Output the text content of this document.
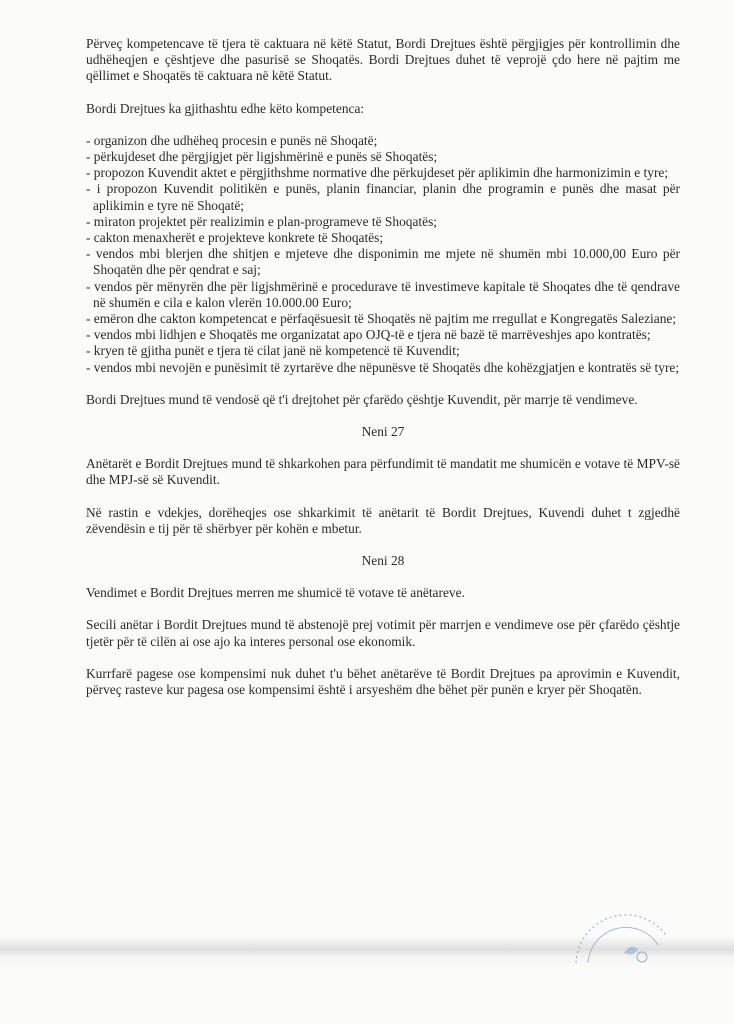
Përveç kompetencave të tjera të caktuara në këtë Statut, Bordi Drejtues është përgjigjes për kontrollimin dhe udhëheqjen e çështjeve dhe pasurisë se Shoqatës. Bordi Drejtues duhet të veprojë çdo here në pajtim me qëllimet e Shoqatës të caktuara në këtë Statut.

Bordi Drejtues ka gjithashtu edhe këto kompetenca:

- organizon dhe udhëheq procesin e punës në Shoqatë;

- përkujdeset dhe përgjigjet për ligjshmërinë e punës së Shoqatës;

- propozon Kuvendit aktet e përgjithshme normative dhe përkujdeset për aplikimin dhe harmonizimin e tyre;

- i propozon Kuvendit politikën e punës, planin financiar, planin dhe programin e punës dhe masat për aplikimin e tyre në Shoqatë;

- miraton projektet për realizimin e plan-programeve të Shoqatës;

- cakton menaxherët e projekteve konkrete të Shoqatës;

- vendos mbi blerjen dhe shitjen e mjeteve dhe disponimin me mjete në shumën mbi 10.000,00 Euro për Shoqatën dhe për qendrat e saj;

- vendos për mënyrën dhe për ligjshmërinë e procedurave të investimeve kapitale të Shoqates dhe të qendrave në shumën e cila e kalon vlerën 10.000.00 Euro;

- emëron dhe cakton kompetencat e përfaqësuesit të Shoqatës në pajtim me rregullat e Kongregatës Saleziane;

- vendos mbi lidhjen e Shoqatës me organizatat apo OJQ-të e tjera në bazë të marrëveshjes apo kontratës;

- kryen të gjitha punët e tjera të cilat janë në kompetencë të Kuvendit;

- vendos mbi nevojën e punësimit të zyrtarëve dhe nëpunësve të Shoqatës dhe kohëzgjatjen e kontratës së tyre;

Bordi Drejtues mund të vendosë që t'i drejtohet për çfarëdo çështje Kuvendit, për marrje të vendimeve.

Neni 27

Anëtarët e Bordit Drejtues mund të shkarkohen para përfundimit të mandatit me shumicën e votave të MPV-së dhe MPJ-së së Kuvendit.

Në rastin e vdekjes, dorëheqjes ose shkarkimit të anëtarit të Bordit Drejtues, Kuvendi duhet t zgjedhë zëvendësin e tij për të shërbyer për kohën e mbetur.

Neni 28

Vendimet e Bordit Drejtues merren me shumicë të votave të anëtareve.

Secili anëtar i Bordit Drejtues mund të abstenojë prej votimit për marrjen e vendimeve ose për çfarëdo çështje tjetër për të cilën ai ose ajo ka interes personal ose ekonomik.

Kurrfarë pagese ose kompensimi nuk duhet t'u bëhet anëtarëve të Bordit Drejtues pa aprovimin e Kuvendit, përveç rasteve kur pagesa ose kompensimi është i arsyeshëm dhe bëhet për punën e kryer për Shoqatën.
